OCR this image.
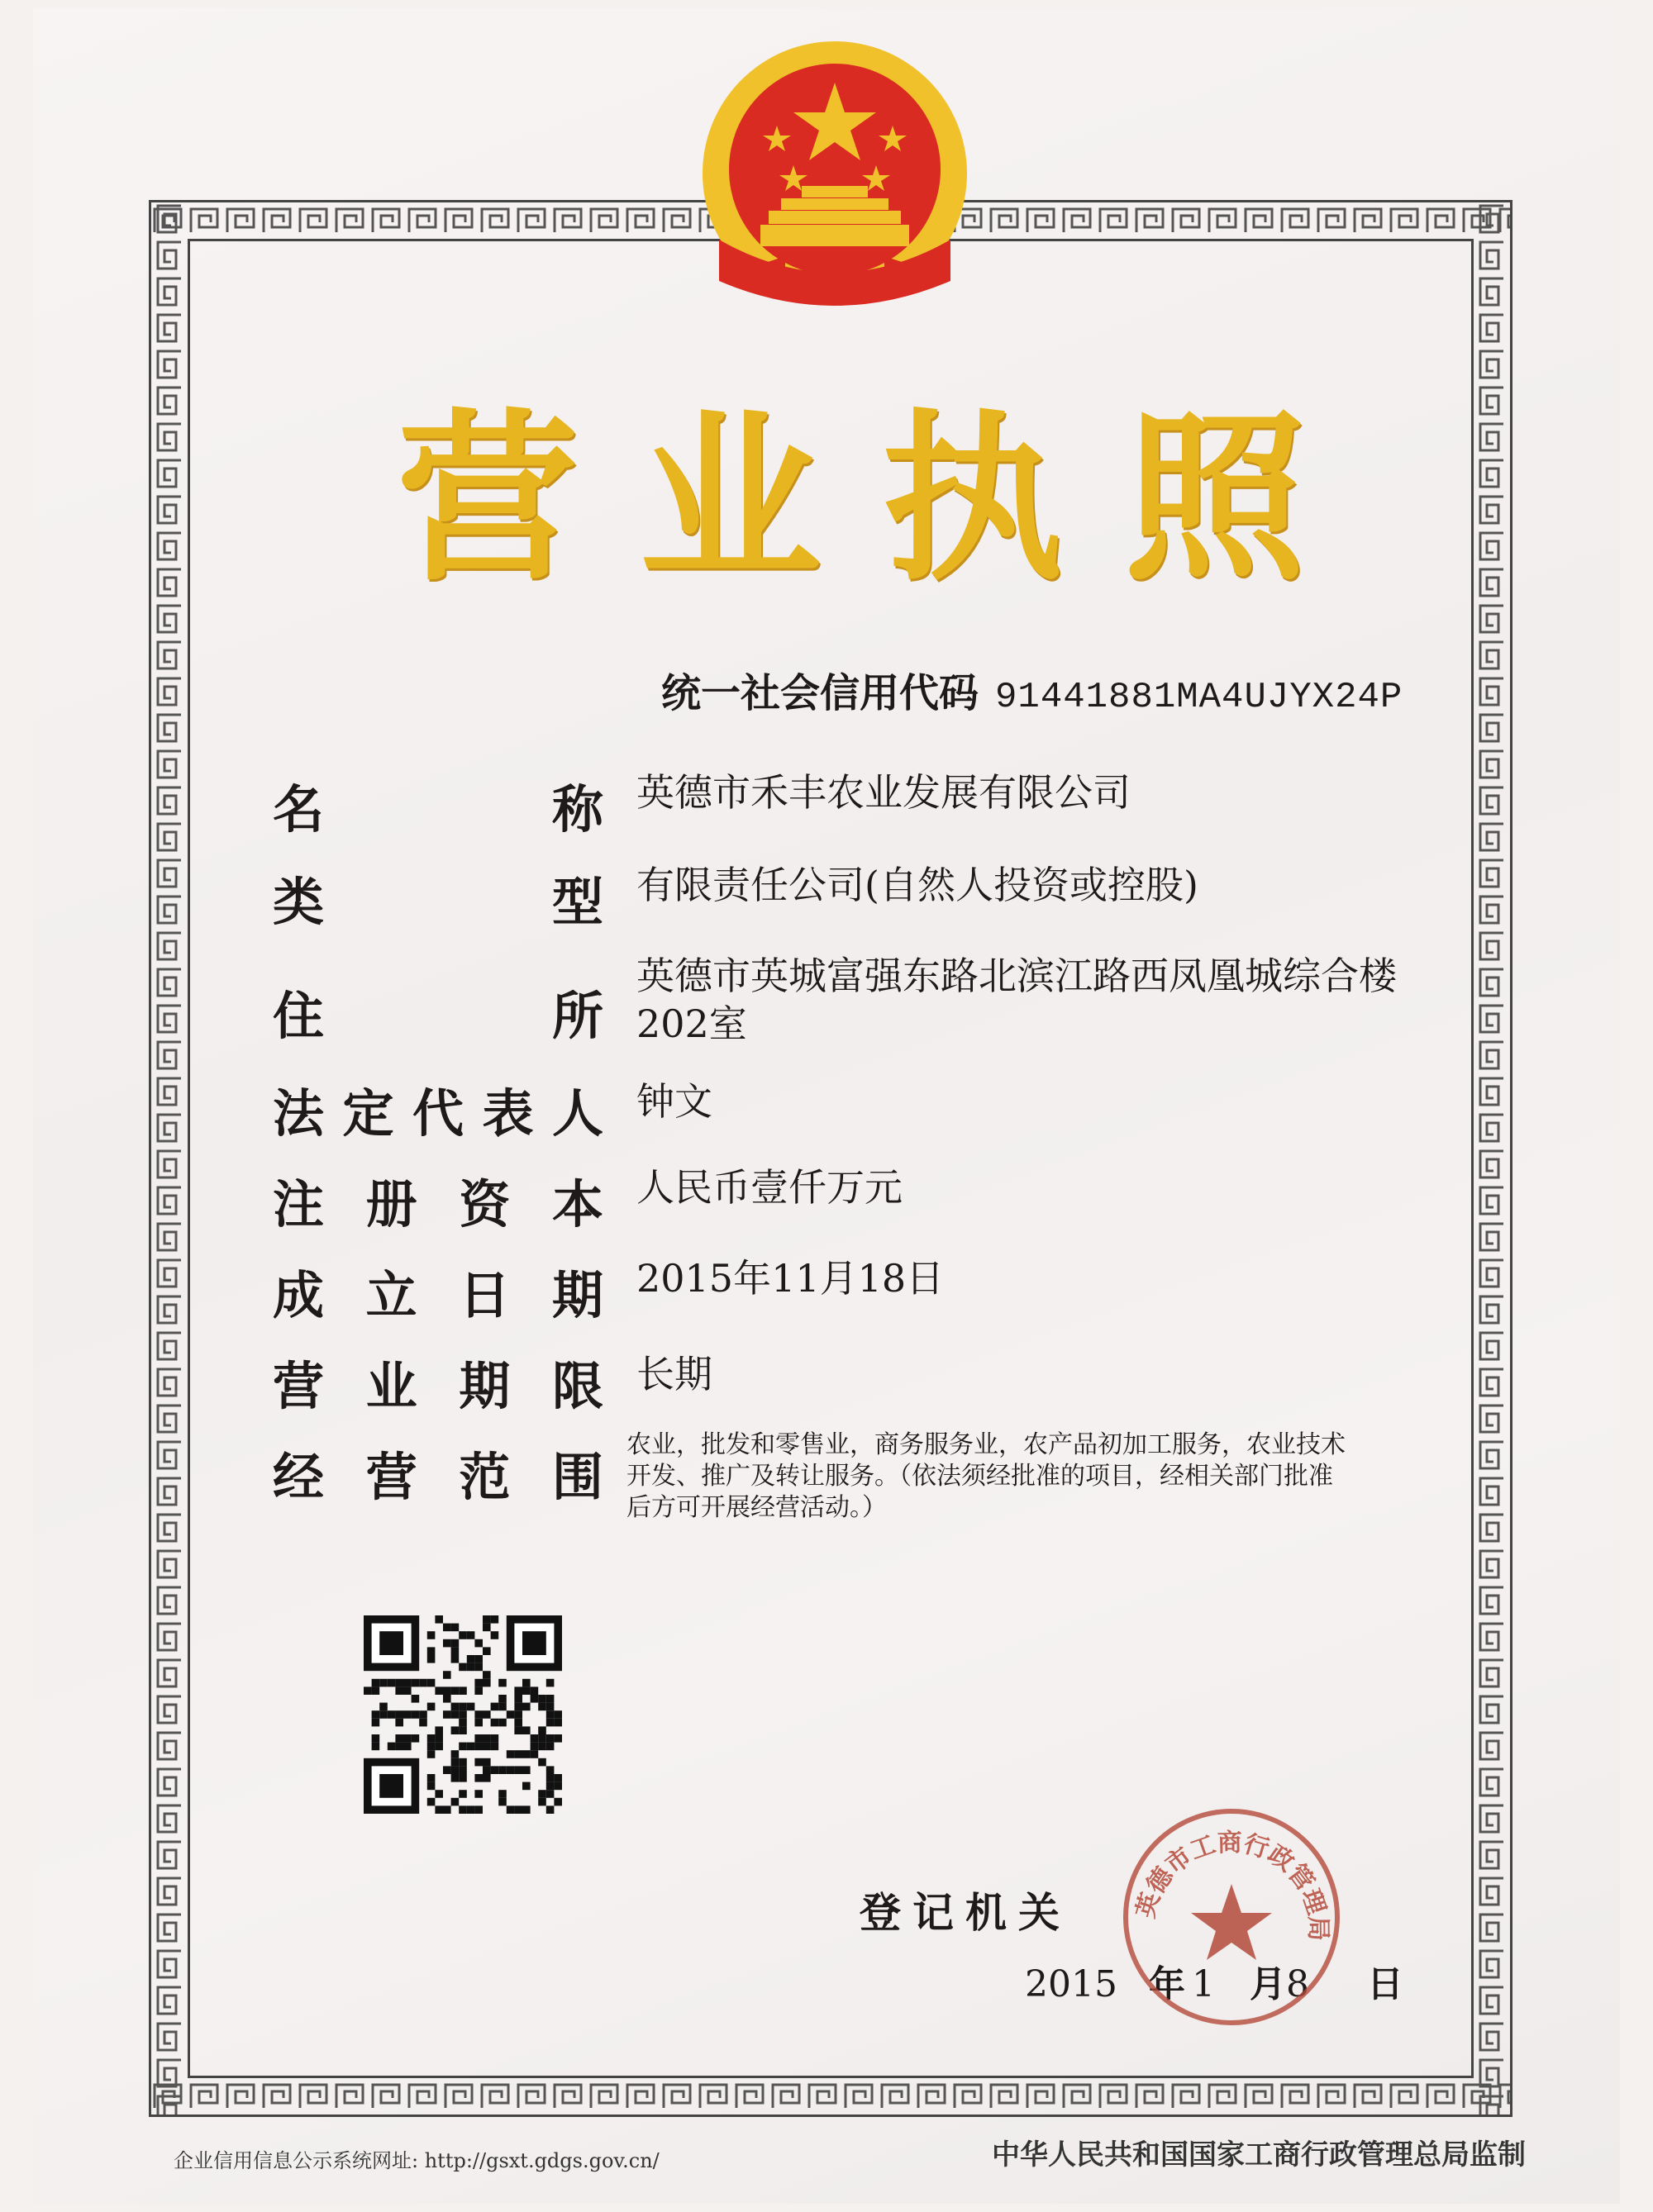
营 业 执 照
统一社会信用代码 91441881MA4UJYX24P
名	称 英德市禾丰农业发展有限公司
类	型 有限责任公司(自然人投资或控股)
住	所
英德市英城富强东路北滨江路西凤凰城综合楼
202室
法 定 代 表 人 钟文
注 册 资 本 人民币壹仟万元
成 立 日 期 2015年11月18日
营 业 期 限 长期
经 营 范 围
农业，批发和零售业，商务服务业，农产品初加工服务，农业技术
开发、推广及转让服务。（依法须经批准的项目，经相关部门批准
后方可开展经营活动。）
登记机关
2015 年 1 月8 日
英德市工商行政管理局
企业信用信息公示系统网址: http://gsxt.gdgs.gov.cn/	中华人民共和国国家工商行政管理总局监制
